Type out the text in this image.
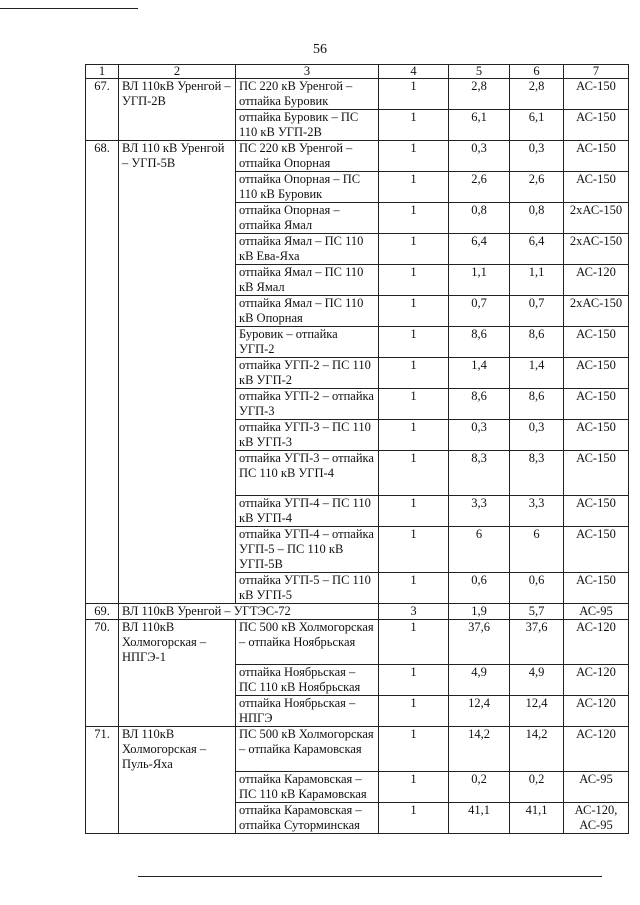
56
1	2	3	4	5	6	7
67.	ВЛ 110кВ Уренгой – УГП-2В	ПС 220 кВ Уренгой – отпайка Буровик	1	2,8	2,8	АС-150
		отпайка Буровик – ПС 110 кВ УГП-2В	1	6,1	6,1	АС-150
68.	ВЛ 110 кВ Уренгой – УГП-5В	ПС 220 кВ Уренгой – отпайка Опорная	1	0,3	0,3	АС-150
		отпайка Опорная – ПС 110 кВ Буровик	1	2,6	2,6	АС-150
		отпайка Опорная – отпайка Ямал	1	0,8	0,8	2хАС-150
		отпайка Ямал – ПС 110 кВ Ева-Яха	1	6,4	6,4	2хАС-150
		отпайка Ямал – ПС 110 кВ Ямал	1	1,1	1,1	АС-120
		отпайка Ямал – ПС 110 кВ Опорная	1	0,7	0,7	2хАС-150
		Буровик – отпайка УГП-2	1	8,6	8,6	АС-150
		отпайка УГП-2 – ПС 110 кВ УГП-2	1	1,4	1,4	АС-150
		отпайка УГП-2 – отпайка УГП-3	1	8,6	8,6	АС-150
		отпайка УГП-3 – ПС 110 кВ УГП-3	1	0,3	0,3	АС-150
		отпайка УГП-3 – отпайка ПС 110 кВ УГП-4	1	8,3	8,3	АС-150
		отпайка УГП-4 – ПС 110 кВ УГП-4	1	3,3	3,3	АС-150
		отпайка УГП-4 – отпайка УГП-5 – ПС 110 кВ УГП-5В	1	6	6	АС-150
		отпайка УГП-5 – ПС 110 кВ УГП-5	1	0,6	0,6	АС-150
69.	ВЛ 110кВ Уренгой – УГТЭС-72		3	1,9	5,7	АС-95
70.	ВЛ 110кВ Холмогорская – НПГЭ-1	ПС 500 кВ Холмогорская – отпайка Ноябрьская	1	37,6	37,6	АС-120
		отпайка Ноябрьская – ПС 110 кВ Ноябрьская	1	4,9	4,9	АС-120
		отпайка Ноябрьская – НПГЭ	1	12,4	12,4	АС-120
71.	ВЛ 110кВ Холмогорская – Пуль-Яха	ПС 500 кВ Холмогорская – отпайка Карамовская	1	14,2	14,2	АС-120
		отпайка Карамовская – ПС 110 кВ Карамовская	1	0,2	0,2	АС-95
		отпайка Карамовская – отпайка Суторминская	1	41,1	41,1	АС-120, АС-95
